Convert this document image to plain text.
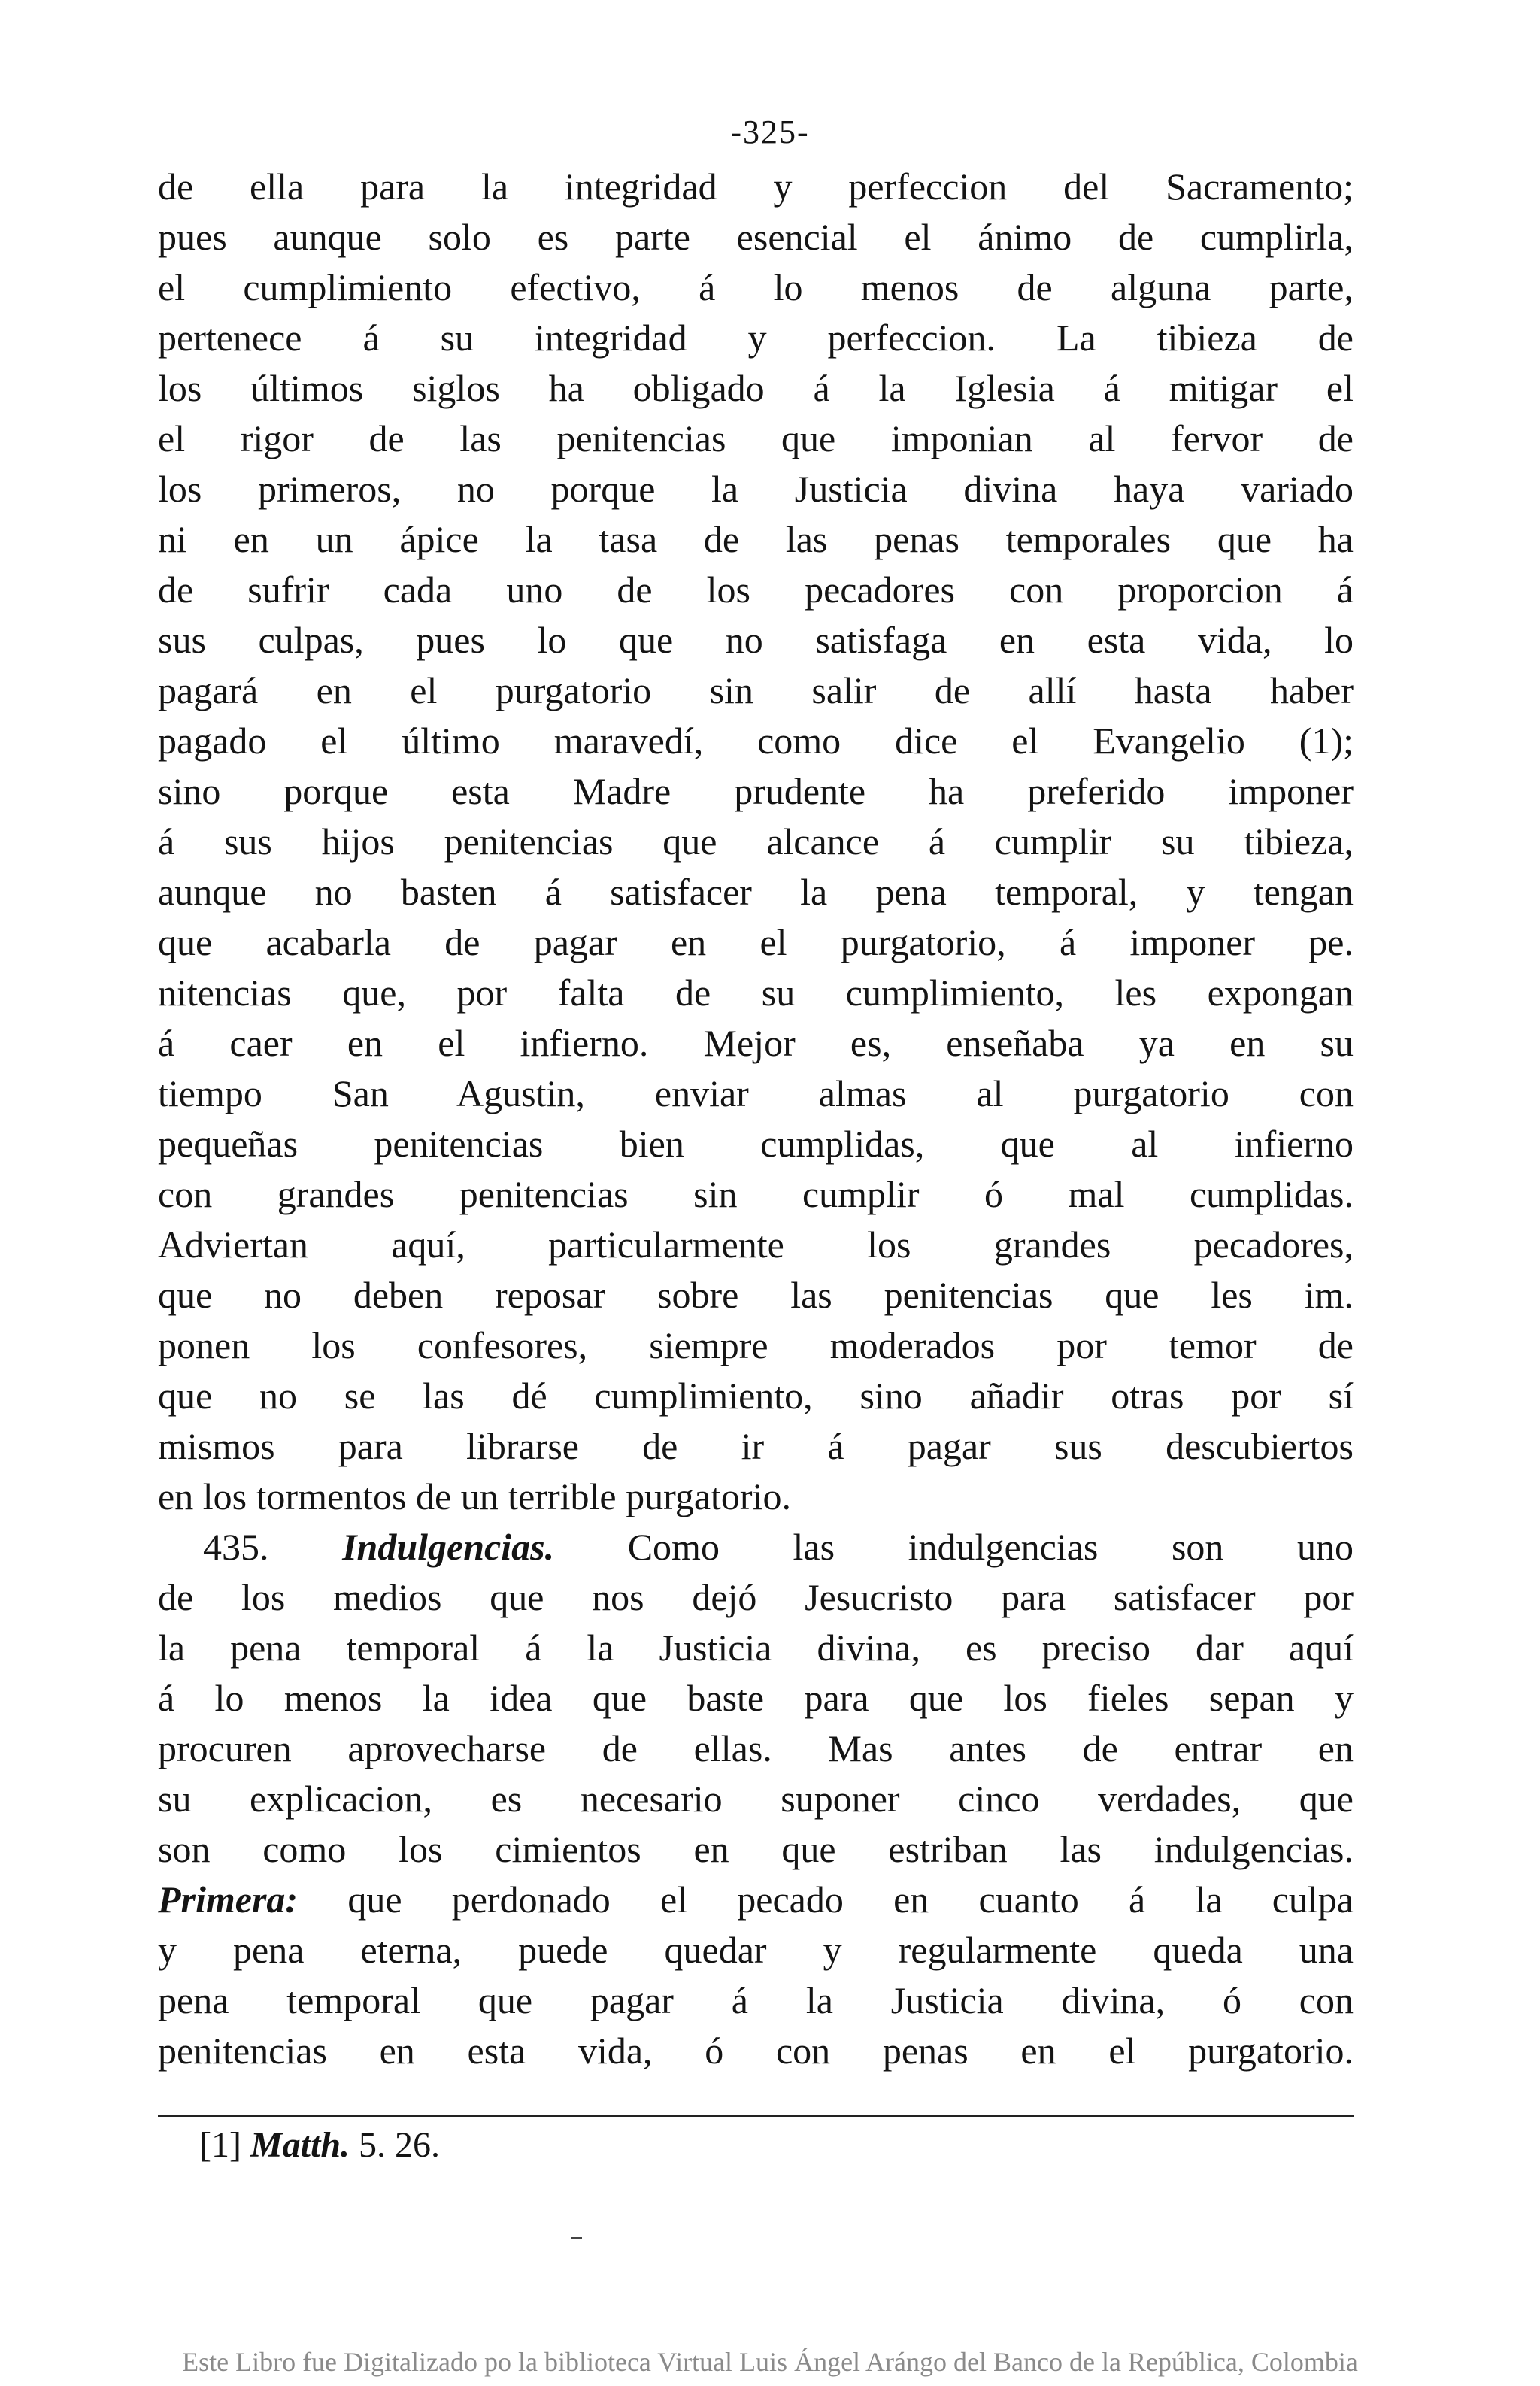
-325-
de ella para la integridad y perfeccion del Sacramento;
pues aunque solo es parte esencial el ánimo de cumplirla,
el cumplimiento efectivo, á lo menos de alguna parte,
pertenece á su integridad y perfeccion. La tibieza de
los últimos siglos ha obligado á la Iglesia á mitigar el
el rigor de las penitencias que imponian al fervor de
los primeros, no porque la Justicia divina haya variado
ni en un ápice la tasa de las penas temporales que ha
de sufrir cada uno de los pecadores con proporcion á
sus culpas, pues lo que no satisfaga en esta vida, lo
pagará en el purgatorio sin salir de allí hasta haber
pagado el último maravedí, como dice el Evangelio (1);
sino porque esta Madre prudente ha preferido imponer
á sus hijos penitencias que alcance á cumplir su tibieza,
aunque no basten á satisfacer la pena temporal, y tengan
que acabarla de pagar en el purgatorio, á imponer pe.
nitencias que, por falta de su cumplimiento, les expongan
á caer en el infierno. Mejor es, enseñaba ya en su
tiempo San Agustin, enviar almas al purgatorio con
pequeñas penitencias bien cumplidas, que al infierno
con grandes penitencias sin cumplir ó mal cumplidas.
Adviertan aquí, particularmente los grandes pecadores,
que no deben reposar sobre las penitencias que les im.
ponen los confesores, siempre moderados por temor de
que no se las dé cumplimiento, sino añadir otras por sí
mismos para librarse de ir á pagar sus descubiertos
en los tormentos de un terrible purgatorio.
435. Indulgencias. Como las indulgencias son uno
de los medios que nos dejó Jesucristo para satisfacer por
la pena temporal á la Justicia divina, es preciso dar aquí
á lo menos la idea que baste para que los fieles sepan y
procuren aprovecharse de ellas. Mas antes de entrar en
su explicacion, es necesario suponer cinco verdades, que
son como los cimientos en que estriban las indulgencias.
Primera: que perdonado el pecado en cuanto á la culpa
y pena eterna, puede quedar y regularmente queda una
pena temporal que pagar á la Justicia divina, ó con
penitencias en esta vida, ó con penas en el purgatorio.
[1] Matth. 5. 26.
Este Libro fue Digitalizado po la biblioteca Virtual Luis Ángel Arángo del Banco de la República, Colombia
